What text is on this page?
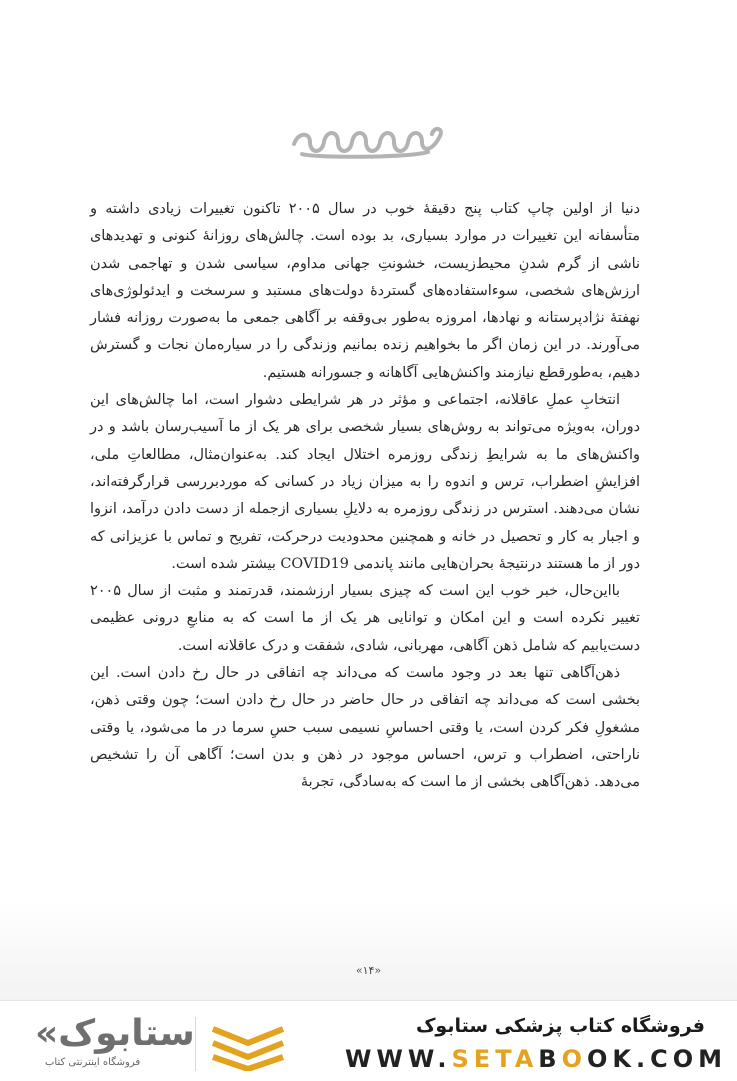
دنیا از اولین چاپ کتاب پنج دقیقهٔ خوب در سال ۲۰۰۵ تاکنون تغییرات زیادی داشته و متأسفانه این تغییرات در موارد بسیاری، بد بوده است. چالش‌های روزانهٔ کنونی و تهدیدهای ناشی از گرم شدنِ محیط‌زیست، خشونتِ جهانی مداوم، سیاسی شدن و تهاجمی شدن ارزش‌های شخصی، سوءاستفاده‌های گستردهٔ دولت‌های مستبد و سرسخت و ایدئولوژی‌های نهفتهٔ نژادپرستانه و نهادها، امروزه به‌طور بی‌وقفه بر آگاهی جمعی ما به‌صورت روزانه فشار می‌آورند. در این زمان اگر ما بخواهیم زنده بمانیم وزندگی را در سیاره‌مان نجات و گسترش دهیم، به‌طورقطع نیازمند واکنش‌هایی آگاهانه و جسورانه هستیم.

انتخابِ عملِ عاقلانه، اجتماعی و مؤثر در هر شرایطی دشوار است، اما چالش‌های این دوران، به‌ویژه می‌تواند به روش‌های بسیار شخصی برای هر یک از ما آسیب‌رسان باشد و در واکنش‌های ما به شرایطِ زندگی روزمره اختلال ایجاد کند. به‌عنوان‌مثال، مطالعاتِ ملی، افزایشِ اضطراب، ترس و اندوه را به میزان زیاد در کسانی که موردبررسی قرارگرفته‌اند، نشان می‌دهند. استرس در زندگی روزمره به دلایلِ بسیاری ازجمله از دست دادن درآمد، انزوا و اجبار به کار و تحصیل در خانه و همچنین محدودیت درحرکت، تفریح و تماس با عزیزانی که دور از ما هستند درنتیجهٔ بحران‌هایی مانند پاندمی COVID19 بیشتر شده است.

بااین‌حال، خبر خوب این است که چیزی بسیار ارزشمند، قدرتمند و مثبت از سال ۲۰۰۵ تغییر نکرده است و این امکان و توانایی هر یک از ما است که به منابعِ درونی عظیمی دست‌یابیم که شامل ذهن آگاهی، مهربانی، شادی، شفقت و درک عاقلانه است.

ذهن‌آگاهی تنها بعد در وجود ماست که می‌داند چه اتفاقی در حال رخ دادن است. این بخشی است که می‌داند چه اتفاقی در حال حاضر در حال رخ دادن است؛ چون وقتی ذهن، مشغولِ فکر کردن است، یا وقتی احساسِ نسیمی سبب حسِ سرما در ما می‌شود، یا وقتی ناراحتی، اضطراب و ترس، احساس موجود در ذهن و بدن است؛ آگاهی آن را تشخیص می‌دهد. ذهن‌آگاهی بخشی از ما است که به‌سادگی، تجربهٔ

«۱۴»
«ستابوک
فروشگاه اینترنتی کتاب
فروشگاه کتاب پزشکی ستابوک
WWW.SETABOOK.COM
